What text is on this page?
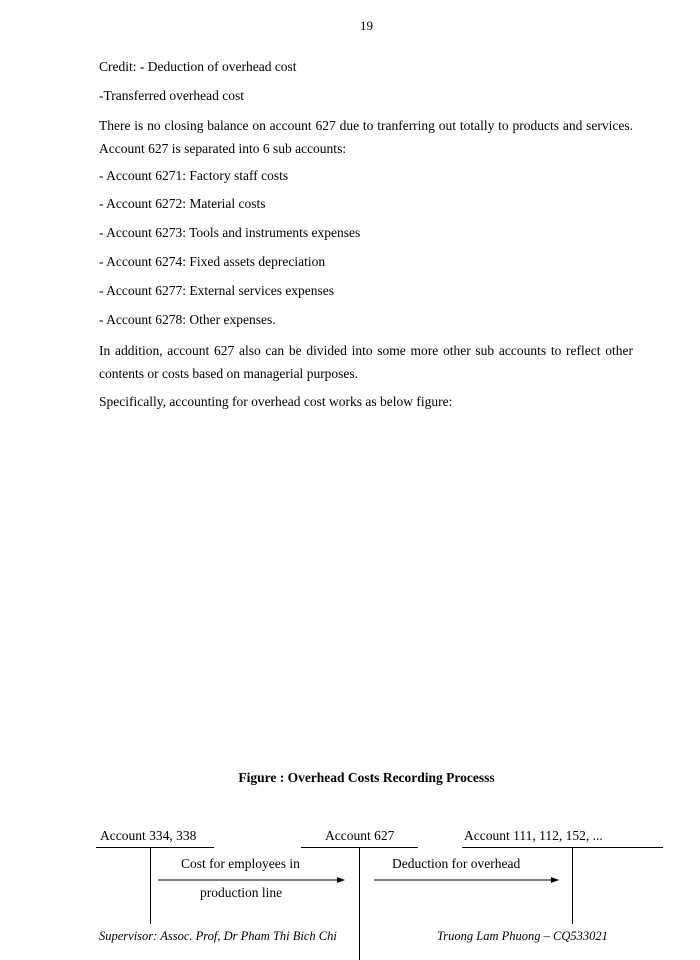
19
Credit: - Deduction of overhead cost
-Transferred overhead cost
There is no closing balance on account 627 due to tranferring out totally to products and services. Account 627 is separated into 6 sub accounts:
- Account 6271: Factory staff costs
- Account 6272: Material costs
- Account 6273: Tools and instruments expenses
- Account 6274: Fixed assets depreciation
- Account 6277: External services expenses
- Account 6278: Other expenses.
In addition, account 627 also can be divided into some more other sub accounts to reflect other contents or costs based on managerial purposes.
Specifically, accounting for overhead cost works as below figure:
Figure : Overhead Costs Recording Processs
Account 334, 338	Account 627	Account 111, 112, 152, ...
Cost for employees in
production line
Deduction for overhead
Supervisor: Assoc. Prof, Dr Pham Thi Bich Chi	Truong Lam Phuong – CQ533021
